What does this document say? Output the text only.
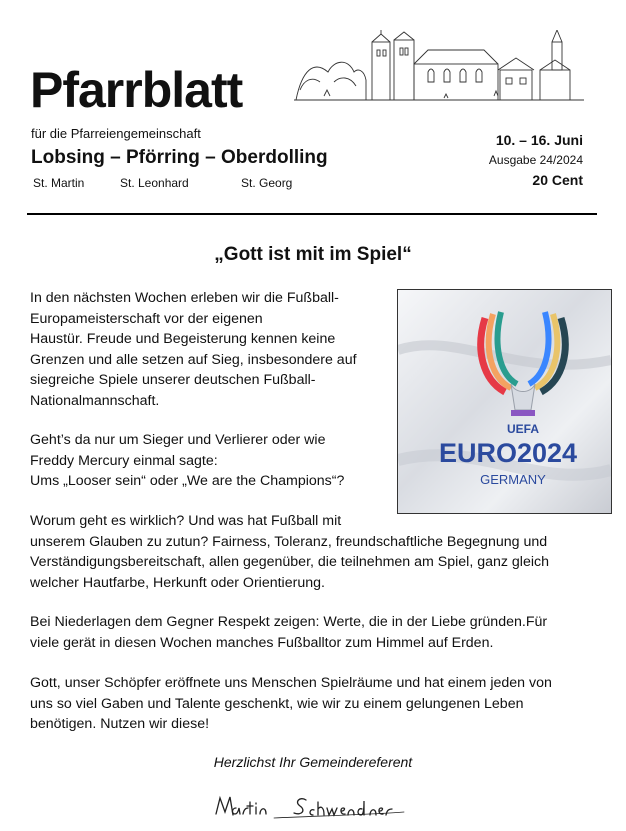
Pfarrblatt
für die Pfarreiengemeinschaft
Lobsing – Pförring – Oberdolling
St. Martin	St. Leonhard	St. Georg
10. – 16. Juni
Ausgabe 24/2024
20 Cent
„Gott ist mit im Spiel“

In den nächsten Wochen erleben wir die Fußball-
Europameisterschaft vor der eigenen
Haustür. Freude und Begeisterung kennen keine
Grenzen und alle setzen auf Sieg, insbesondere auf
siegreiche Spiele unserer deutschen Fußball-
Nationalmannschaft.

Geht’s da nur um Sieger und Verlierer oder wie
Freddy Mercury einmal sagte:
Ums „Looser sein“ oder „We are the Champions“?

Worum geht es wirklich? Und was hat Fußball mit
unserem Glauben zu zutun? Fairness, Toleranz, freundschaftliche Begegnung und
Verständigungsbereitschaft, allen gegenüber, die teilnehmen am Spiel, ganz gleich
welcher Hautfarbe, Herkunft oder Orientierung.

Bei Niederlagen dem Gegner Respekt zeigen: Werte, die in der Liebe gründen.Für
viele gerät in diesen Wochen manches Fußballtor zum Himmel auf Erden.

Gott, unser Schöpfer eröffnete uns Menschen Spielräume und hat einem jeden von
uns so viel Gaben und Talente geschenkt, wie wir zu einem gelungenen Leben
benötigen. Nutzen wir diese!

UEFA
EURO2024
GERMANY
Herzlichst Ihr Gemeindereferent
